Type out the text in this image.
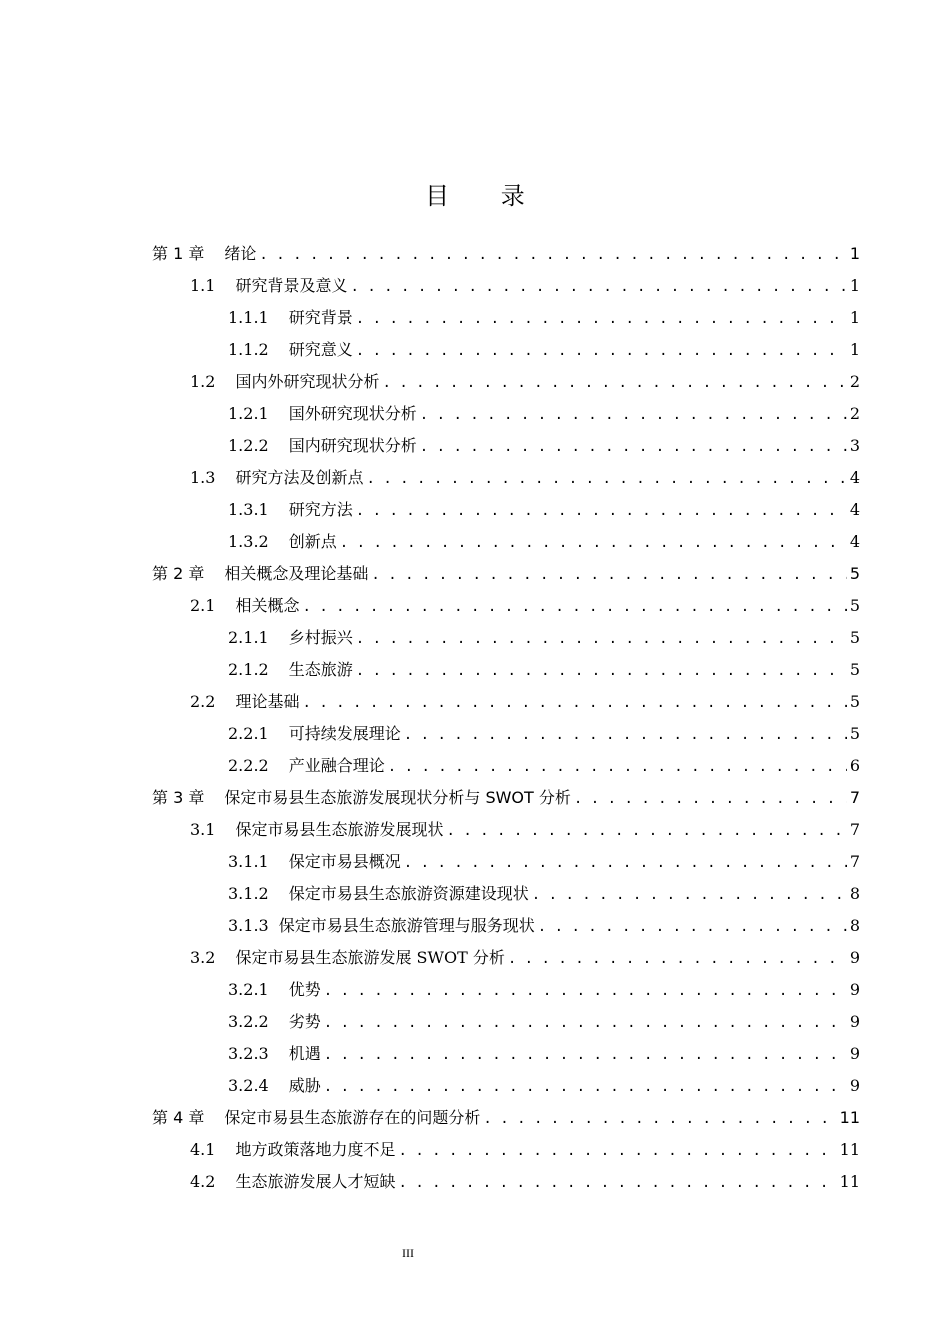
目 录
第 1 章 绪论 . . .	1
1.1 研究背景及意义 . . .	1
1.1.1 研究背景 . . .	1
1.1.2 研究意义 . . .	1
1.2 国内外研究现状分析 . . .	2
1.2.1 国外研究现状分析 . . .	2
1.2.2 国内研究现状分析 . . .	3
1.3 研究方法及创新点 . . .	4
1.3.1 研究方法 . . .	4
1.3.2 创新点 . . .	4
第 2 章 相关概念及理论基础 . . .	5
2.1 相关概念 . . .	5
2.1.1 乡村振兴 . . .	5
2.1.2 生态旅游 . . .	5
2.2 理论基础 . . .	5
2.2.1 可持续发展理论 . . .	5
2.2.2 产业融合理论 . . .	6
第 3 章 保定市易县生态旅游发展现状分析与 SWOT 分析 . . .	7
3.1 保定市易县生态旅游发展现状 . . .	7
3.1.1 保定市易县概况 . . .	7
3.1.2 保定市易县生态旅游资源建设现状 . . .	8
3.1.3 保定市易县生态旅游管理与服务现状 . . .	8
3.2 保定市易县生态旅游发展 SWOT 分析 . . .	9
3.2.1 优势 . . .	9
3.2.2 劣势 . . .	9
3.2.3 机遇 . . .	9
3.2.4 威胁 . . .	9
第 4 章 保定市易县生态旅游存在的问题分析 . . .	11
4.1 地方政策落地力度不足 . . .	11
4.2 生态旅游发展人才短缺 . . .	11
III
